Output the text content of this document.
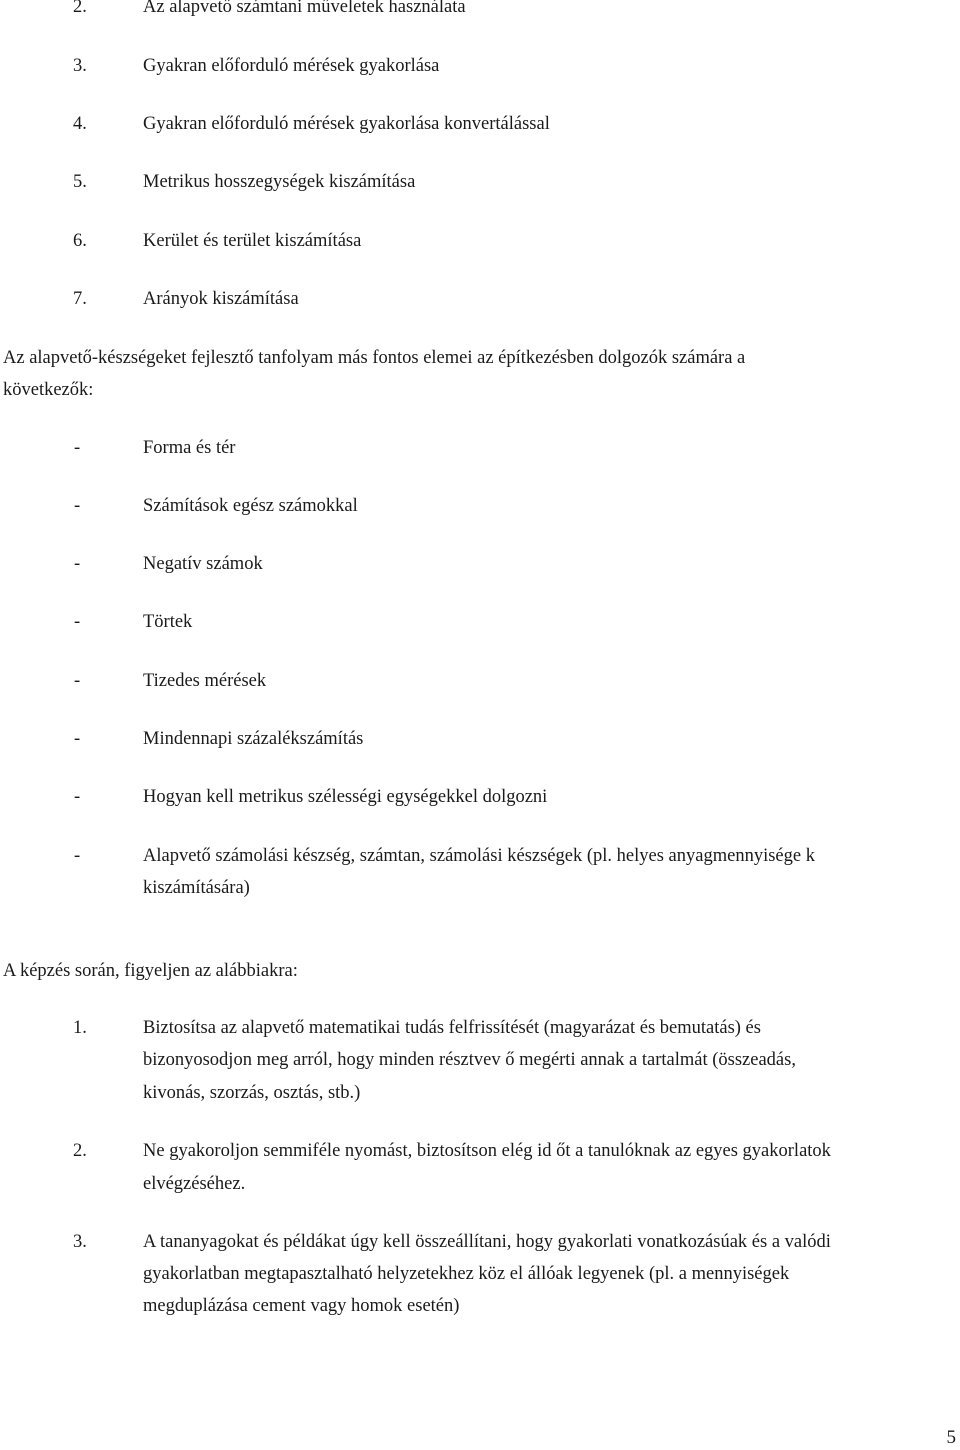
2.	Az alapvető számtani műveletek használata
3.	Gyakran előforduló mérések gyakorlása
4.	Gyakran előforduló mérések gyakorlása konvertálással
5.	Metrikus hosszegységek kiszámítása
6.	Kerület és terület kiszámítása
7.	Arányok kiszámítása
Az alapvető-készségeket fejlesztő tanfolyam más fontos elemei az építkezésben dolgozók számára a
következők:
-	Forma és tér
-	Számítások egész számokkal
-	Negatív számok
-	Törtek
-	Tizedes mérések
-	Mindennapi százalékszámítás
-	Hogyan kell metrikus szélességi egységekkel dolgozni
-	Alapvető számolási készség, számtan, számolási készségek (pl. helyes anyagmennyisége k
kiszámítására)
A képzés során, figyeljen az alábbiakra:
1.	Biztosítsa az alapvető matematikai tudás felfrissítését (magyarázat és bemutatás) és
bizonyosodjon meg arról, hogy minden résztvev ő megérti annak a tartalmát (összeadás,
kivonás, szorzás, osztás, stb.)
2.	Ne gyakoroljon semmiféle nyomást, biztosítson elég id őt a tanulóknak az egyes gyakorlatok
elvégzéséhez.
3.	A tananyagokat és példákat úgy kell összeállítani, hogy gyakorlati vonatkozásúak és a valódi
gyakorlatban megtapasztalható helyzetekhez köz el állóak legyenek (pl. a mennyiségek
megduplázása cement vagy homok esetén)
5
